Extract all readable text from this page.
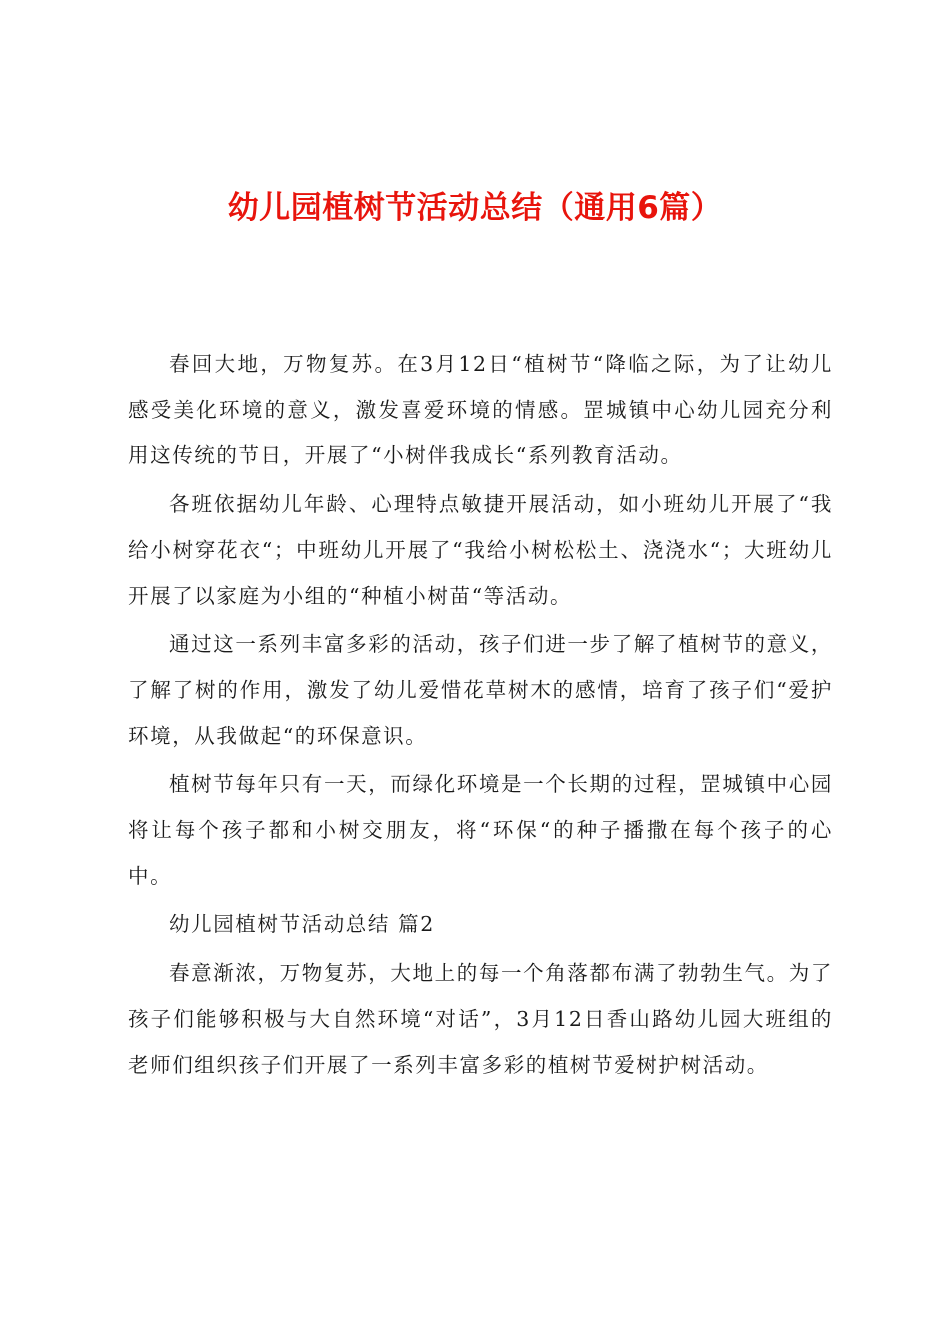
幼儿园植树节活动总结（通用6篇）

春回大地，万物复苏。在3月12日“植树节“降临之际，为了让幼儿感受美化环境的意义，激发喜爱环境的情感。罡城镇中心幼儿园充分利用这传统的节日，开展了“小树伴我成长“系列教育活动。

各班依据幼儿年龄、心理特点敏捷开展活动，如小班幼儿开展了“我给小树穿花衣“；中班幼儿开展了“我给小树松松土、浇浇水“；大班幼儿开展了以家庭为小组的“种植小树苗“等活动。

通过这一系列丰富多彩的活动，孩子们进一步了解了植树节的意义，了解了树的作用，激发了幼儿爱惜花草树木的感情，培育了孩子们“爱护环境，从我做起“的环保意识。

植树节每年只有一天，而绿化环境是一个长期的过程，罡城镇中心园将让每个孩子都和小树交朋友，将“环保“的种子播撒在每个孩子的心中。

幼儿园植树节活动总结 篇2

春意渐浓，万物复苏，大地上的每一个角落都布满了勃勃生气。为了孩子们能够积极与大自然环境“对话”，3月12日香山路幼儿园大班组的老师们组织孩子们开展了一系列丰富多彩的植树节爱树护树活动。
